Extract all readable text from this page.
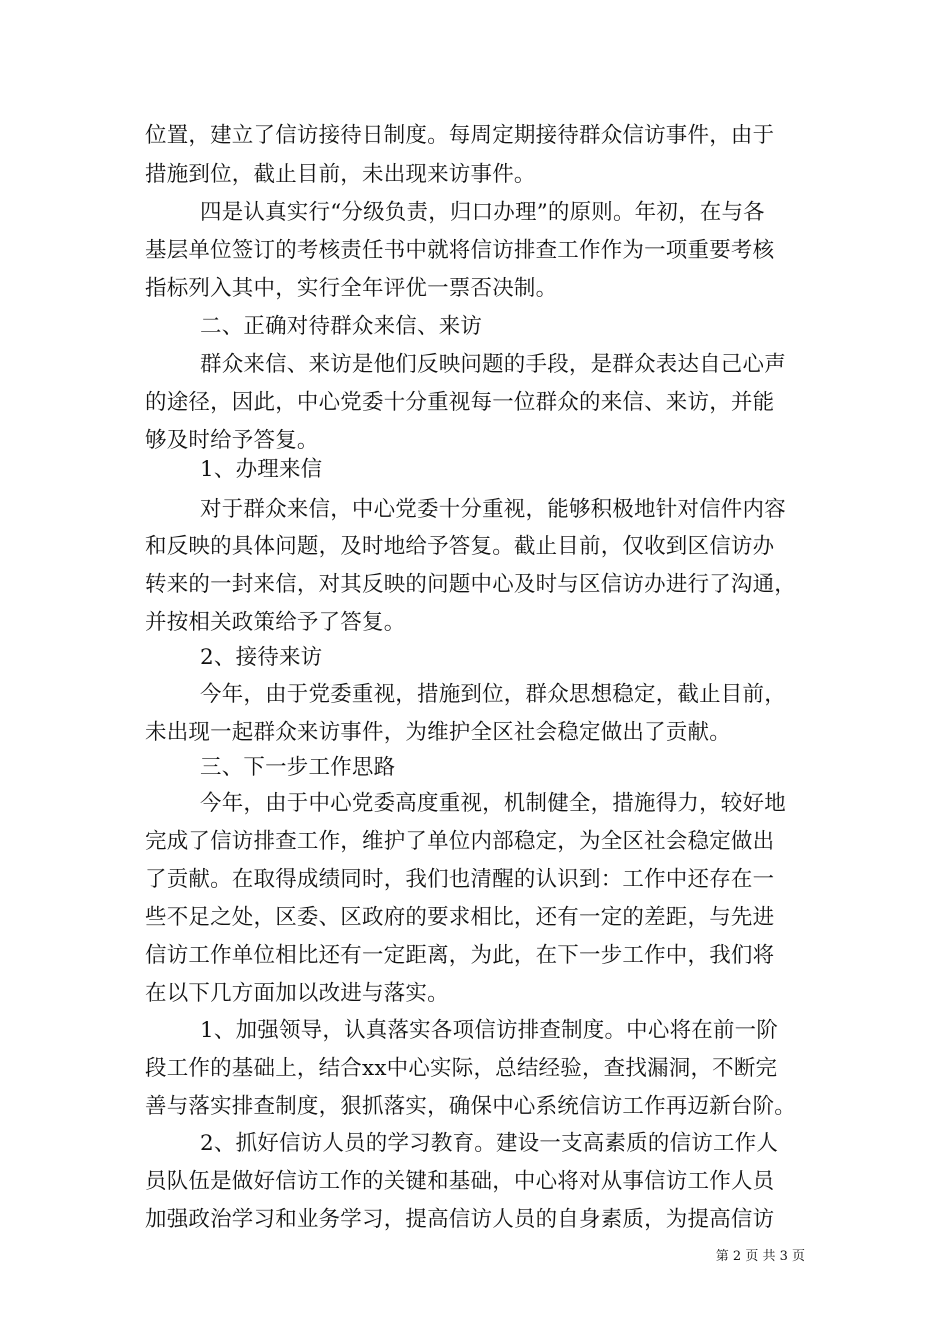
位置，建立了信访接待日制度。每周定期接待群众信访事件，由于
措施到位，截止目前，未出现来访事件。
四是认真实行“分级负责，归口办理”的原则。年初，在与各
基层单位签订的考核责任书中就将信访排查工作作为一项重要考核
指标列入其中，实行全年评优一票否决制。
二、正确对待群众来信、来访
群众来信、来访是他们反映问题的手段，是群众表达自己心声
的途径，因此，中心党委十分重视每一位群众的来信、来访，并能
够及时给予答复。
1、办理来信
对于群众来信，中心党委十分重视，能够积极地针对信件内容
和反映的具体问题，及时地给予答复。截止目前，仅收到区信访办
转来的一封来信，对其反映的问题中心及时与区信访办进行了沟通，
并按相关政策给予了答复。
2、接待来访
今年，由于党委重视，措施到位，群众思想稳定，截止目前，
未出现一起群众来访事件，为维护全区社会稳定做出了贡献。
三、下一步工作思路
今年，由于中心党委高度重视，机制健全，措施得力，较好地
完成了信访排查工作，维护了单位内部稳定，为全区社会稳定做出
了贡献。在取得成绩同时，我们也清醒的认识到：工作中还存在一
些不足之处，区委、区政府的要求相比，还有一定的差距，与先进
信访工作单位相比还有一定距离，为此，在下一步工作中，我们将
在以下几方面加以改进与落实。
1、加强领导，认真落实各项信访排查制度。中心将在前一阶
段工作的基础上，结合xx中心实际，总结经验，查找漏洞，不断完
善与落实排查制度，狠抓落实，确保中心系统信访工作再迈新台阶。
2、抓好信访人员的学习教育。建设一支高素质的信访工作人
员队伍是做好信访工作的关键和基础，中心将对从事信访工作人员
加强政治学习和业务学习，提高信访人员的自身素质，为提高信访
第 2 页 共 3 页
